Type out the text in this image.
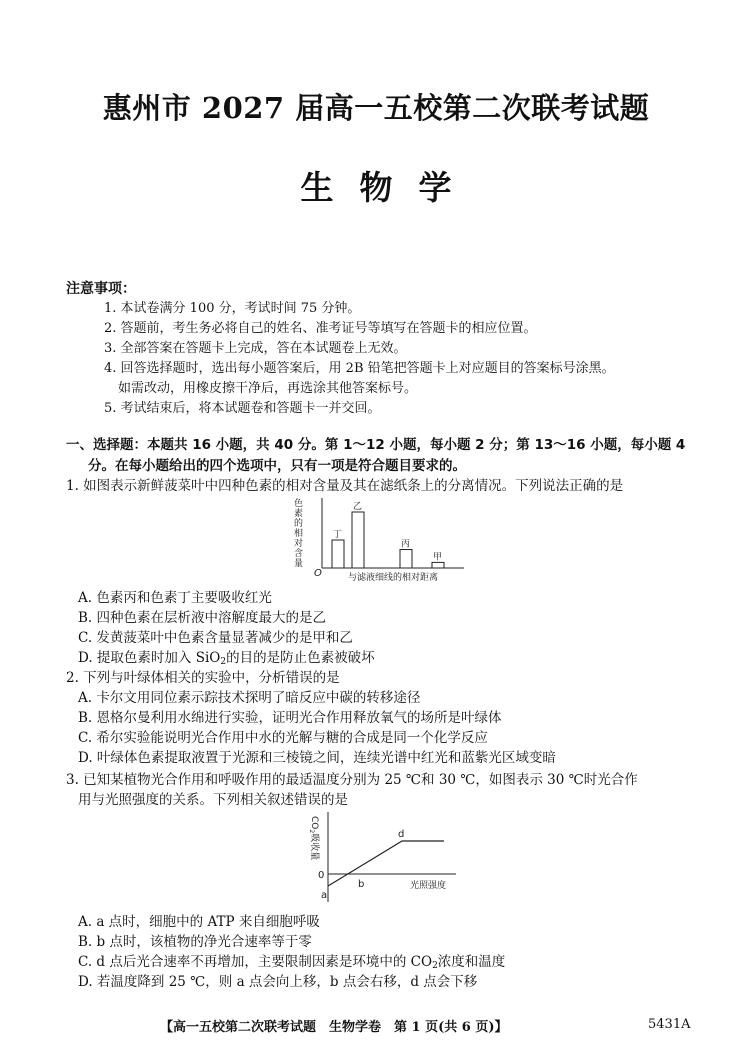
惠州市 2027 届高一五校第二次联考试题
生物学
注意事项：
1. 本试卷满分 100 分，考试时间 75 分钟。
2. 答题前，考生务必将自己的姓名、准考证号等填写在答题卡的相应位置。
3. 全部答案在答题卡上完成，答在本试题卷上无效。
4. 回答选择题时，选出每小题答案后，用 2B 铅笔把答题卡上对应题目的答案标号涂黑。
如需改动，用橡皮擦干净后，再选涂其他答案标号。
5. 考试结束后，将本试题卷和答题卡一并交回。
一、选择题：本题共 16 小题，共 40 分。第 1～12 小题，每小题 2 分；第 13～16 小题，每小题 4
分。在每小题给出的四个选项中，只有一项是符合题目要求的。
1. 如图表示新鲜菠菜叶中四种色素的相对含量及其在滤纸条上的分离情况。下列说法正确的是
色
素
的
相
对
含
量
O
丁
乙
丙
甲
与滤液细线的相对距离
A. 色素丙和色素丁主要吸收红光
B. 四种色素在层析液中溶解度最大的是乙
C. 发黄菠菜叶中色素含量显著减少的是甲和乙
D. 提取色素时加入 SiO$_2$的目的是防止色素被破坏
2. 下列与叶绿体相关的实验中，分析错误的是
A. 卡尔文用同位素示踪技术探明了暗反应中碳的转移途径
B. 恩格尔曼利用水绵进行实验，证明光合作用释放氧气的场所是叶绿体
C. 希尔实验能说明光合作用中水的光解与糖的合成是同一个化学反应
D. 叶绿体色素提取液置于光源和三棱镜之间，连续光谱中红光和蓝紫光区域变暗
3. 已知某植物光合作用和呼吸作用的最适温度分别为 25 ℃和 30 ℃，如图表示 30 ℃时光合作
用与光照强度的关系。下列相关叙述错误的是
$CO_2$吸收量
0
a
b
d
光照强度
A. a 点时，细胞中的 ATP 来自细胞呼吸
B. b 点时，该植物的净光合速率等于零
C. d 点后光合速率不再增加，主要限制因素是环境中的 $CO_2$浓度和温度
D. 若温度降到 25 ℃，则 a 点会向上移，b 点会右移，d 点会下移
【高一五校第二次联考试题　生物学卷　第 1 页(共 6 页)】	5431A
